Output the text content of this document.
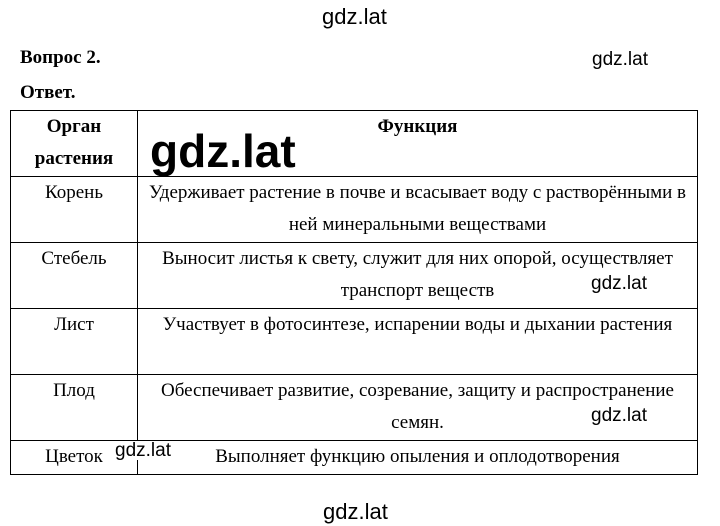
Вопрос 2.
Ответ.
Орган растения	Функция
Корень	Удерживает растение в почве и всасывает воду с растворёнными в ней минеральными веществами
Стебель	Выносит листья к свету, служит для них опорой, осуществляет транспорт веществ
Лист	Участвует в фотосинтезе, испарении воды и дыхании растения
Плод	Обеспечивает развитие, созревание, защиту и распространение семян.
Цветок	Выполняет функцию опыления и оплодотворения
gdz.lat
gdz.lat
gdz.lat
gdz.lat
gdz.lat
gdz.lat
gdz.lat
